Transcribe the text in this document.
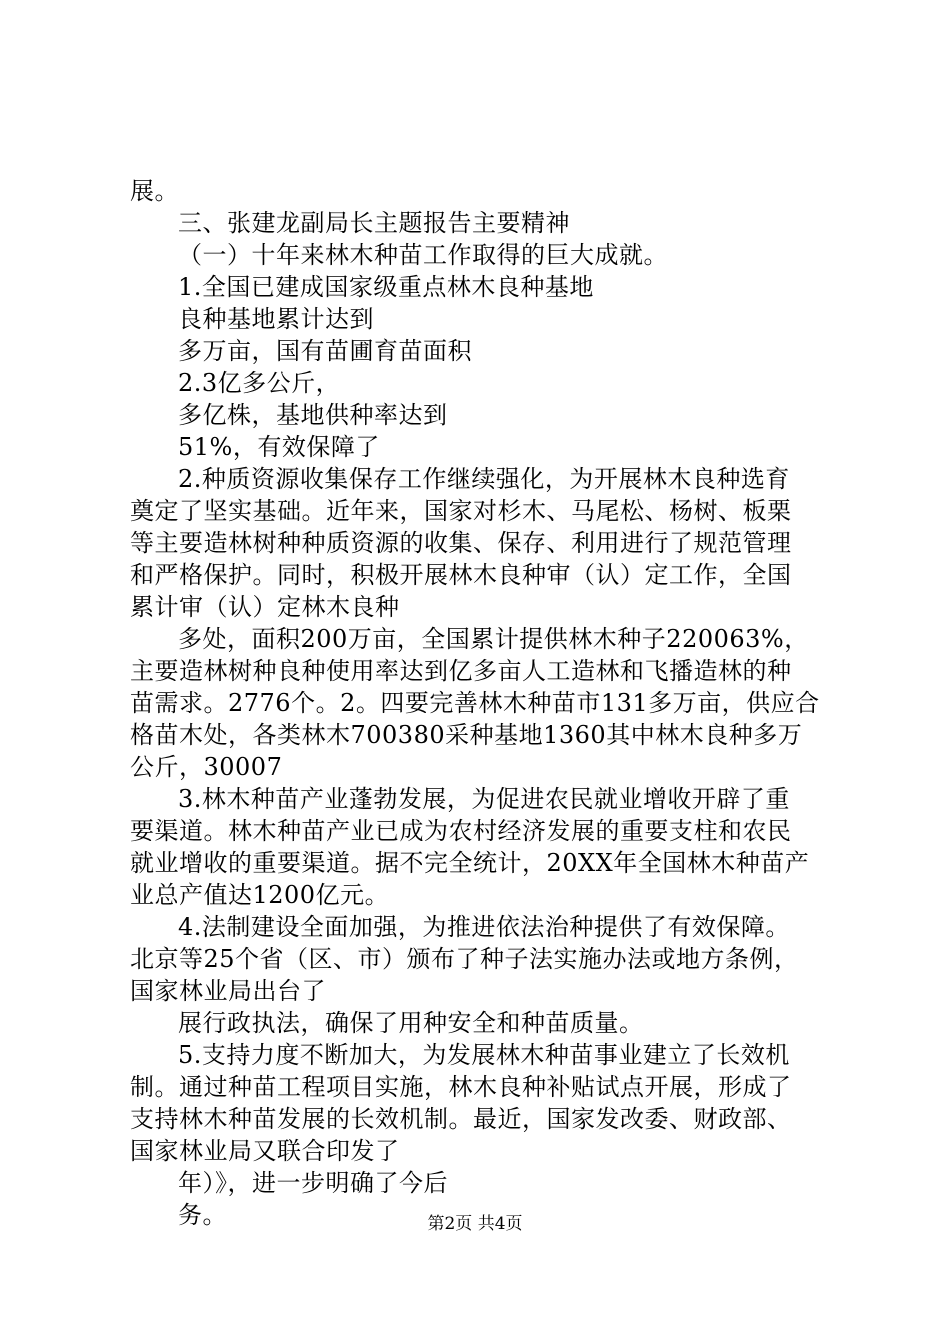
展。
三、张建龙副局长主题报告主要精神
（一）十年来林木种苗工作取得的巨大成就。
1.全国已建成国家级重点林木良种基地
良种基地累计达到
多万亩，国有苗圃育苗面积
2.3亿多公斤，
多亿株，基地供种率达到
51%，有效保障了
2.种质资源收集保存工作继续强化，为开展林木良种选育
奠定了坚实基础。近年来，国家对杉木、马尾松、杨树、板栗
等主要造林树种种质资源的收集、保存、利用进行了规范管理
和严格保护。同时，积极开展林木良种审（认）定工作，全国
累计审（认）定林木良种
多处，面积200万亩，全国累计提供林木种子220063%，
主要造林树种良种使用率达到亿多亩人工造林和飞播造林的种
苗需求。2776个。2。四要完善林木种苗市131多万亩，供应合
格苗木处，各类林木700380采种基地1360其中林木良种多万
公斤，30007
3.林木种苗产业蓬勃发展，为促进农民就业增收开辟了重
要渠道。林木种苗产业已成为农村经济发展的重要支柱和农民
就业增收的重要渠道。据不完全统计，20XX年全国林木种苗产
业总产值达1200亿元。
4.法制建设全面加强，为推进依法治种提供了有效保障。
北京等25个省（区、市）颁布了种子法实施办法或地方条例，
国家林业局出台了
展行政执法，确保了用种安全和种苗质量。
5.支持力度不断加大，为发展林木种苗事业建立了长效机
制。通过种苗工程项目实施，林木良种补贴试点开展，形成了
支持林木种苗发展的长效机制。最近，国家发改委、财政部、
国家林业局又联合印发了
年）》，进一步明确了今后
务。	第2页 共4页
